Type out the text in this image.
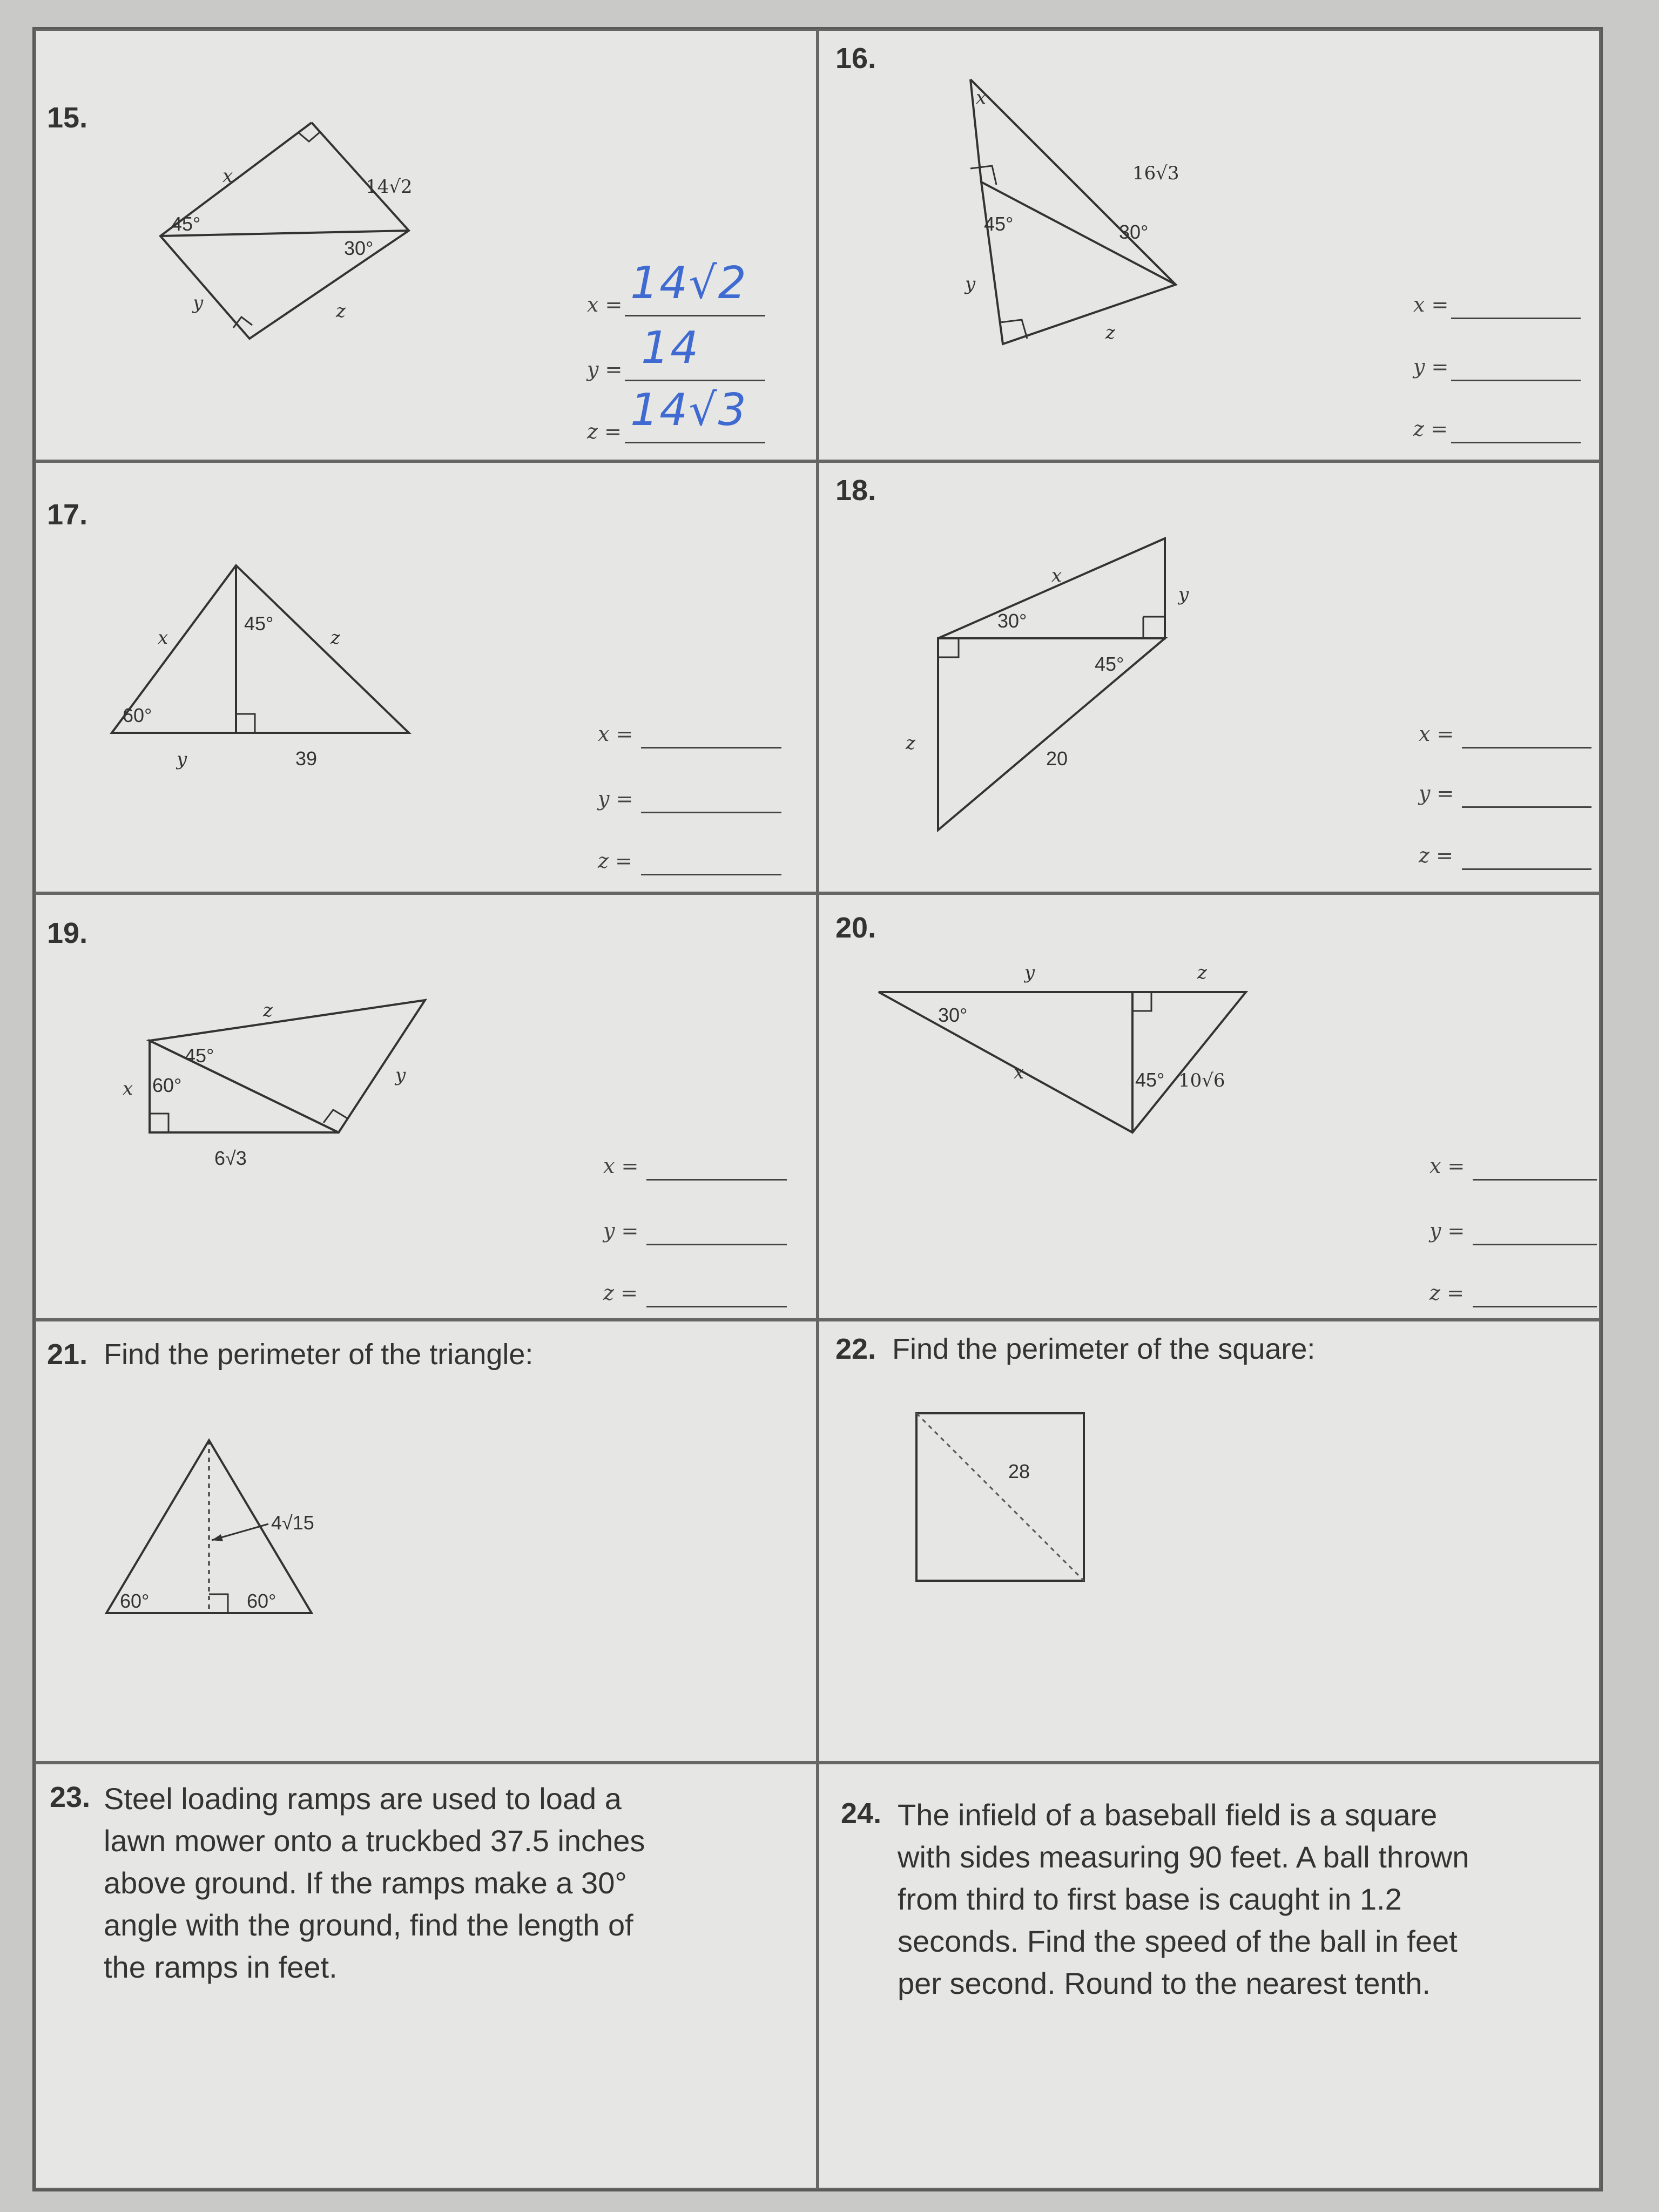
15.
x	14√2
45°
30°
y	z	x = 14√2
y = 14
z = 14√3
16.
x
16√3
45°	30°
y
z
x =
y =
z =
17.
x
45°
z
60°
y	39
x =
y =
z =
18.
x
y
30°
45°
z
20
x =
y =
z =
19.
z
45°
60°	y
x
6√3	x =
y =
z =
20.
y	z
30°
x	45° 10√6
x =
y =
z =
21. Find the perimeter of the triangle:
4√15
60°	60°
22. Find the perimeter of the square:
28
23. Steel loading ramps are used to load a
lawn mower onto a truckbed 37.5 inches
above ground. If the ramps make a 30°
angle with the ground, find the length of
the ramps in feet.
24. The infield of a baseball field is a square
with sides measuring 90 feet. A ball thrown
from third to first base is caught in 1.2
seconds. Find the speed of the ball in feet
per second. Round to the nearest tenth.
